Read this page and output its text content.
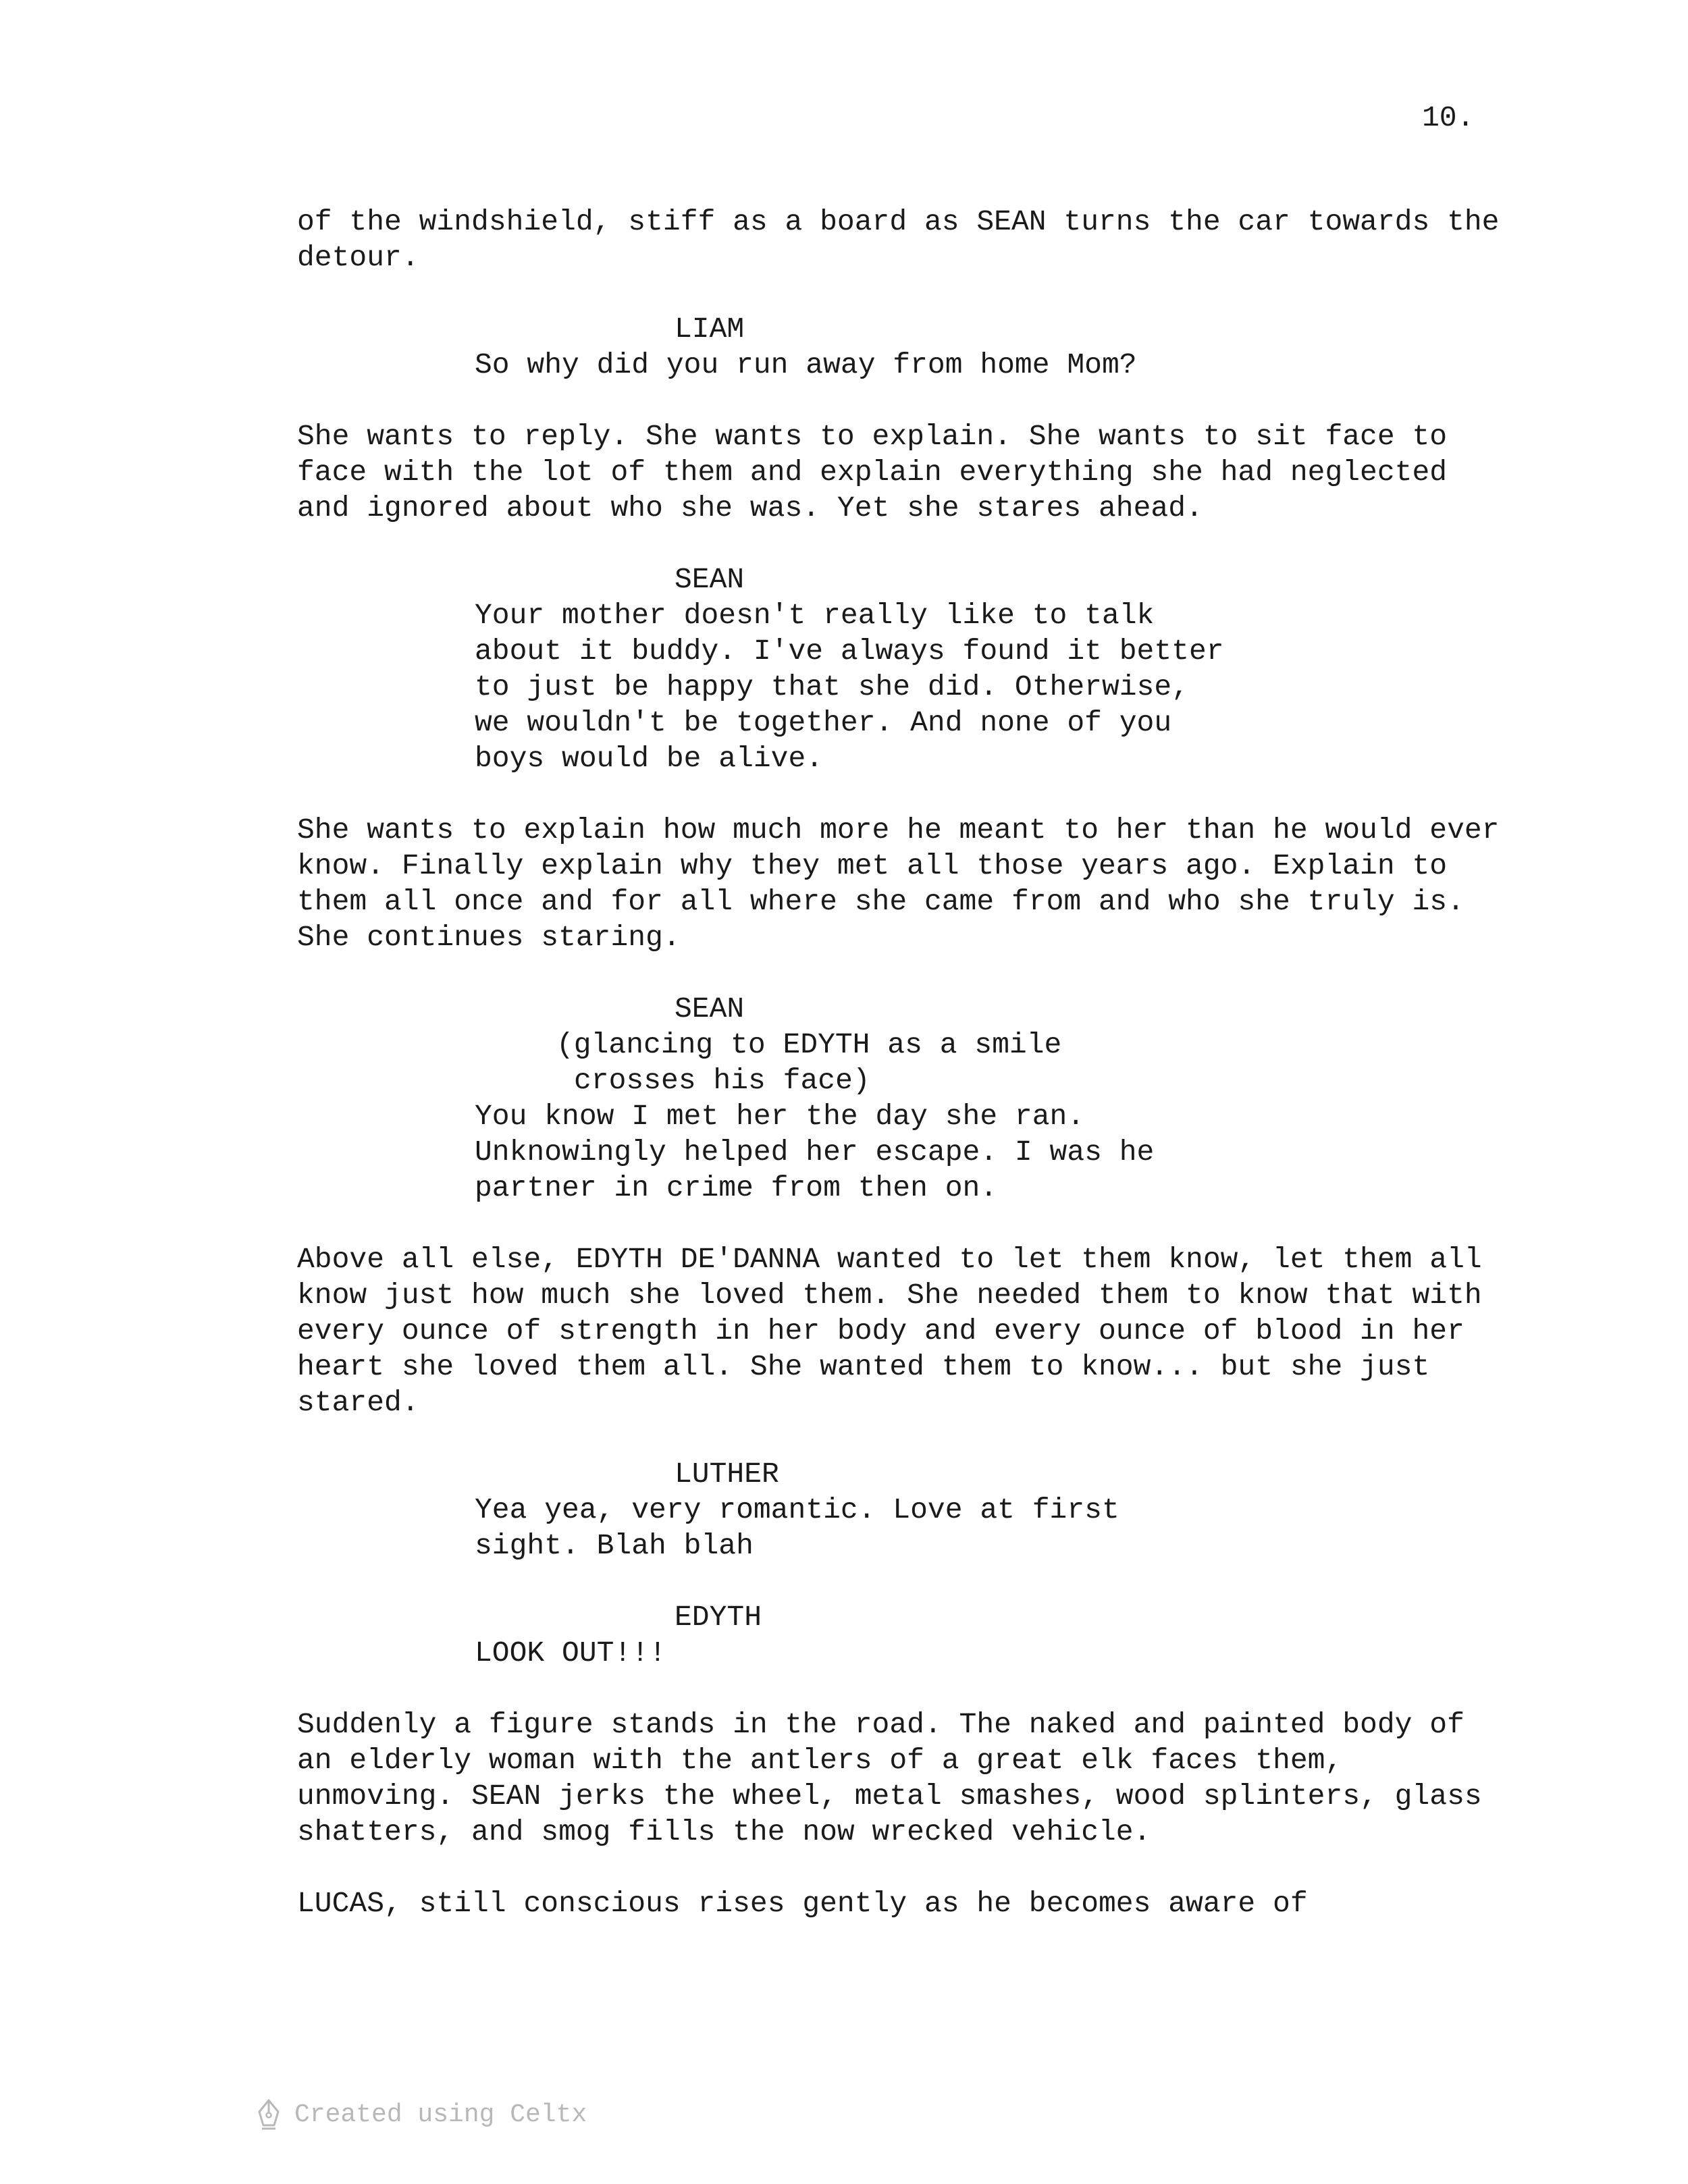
10.

of the windshield, stiff as a board as SEAN turns the car towards the detour.

LIAM

So why did you run away from home Mom?

She wants to reply. She wants to explain. She wants to sit face to face with the lot of them and explain everything she had neglected and ignored about who she was. Yet she stares ahead.

SEAN

Your mother doesn't really like to talk about it buddy. I've always found it better to just be happy that she did. Otherwise, we wouldn't be together. And none of you boys would be alive.

She wants to explain how much more he meant to her than he would ever know. Finally explain why they met all those years ago. Explain to them all once and for all where she came from and who she truly is. She continues staring.

SEAN

(glancing to EDYTH as a smile crosses his face)

You know I met her the day she ran. Unknowingly helped her escape. I was he partner in crime from then on.

Above all else, EDYTH DE'DANNA wanted to let them know, let them all know just how much she loved them. She needed them to know that with every ounce of strength in her body and every ounce of blood in her heart she loved them all. She wanted them to know... but she just stared.

LUTHER

Yea yea, very romantic. Love at first sight. Blah blah

EDYTH

LOOK OUT!!!

Suddenly a figure stands in the road. The naked and painted body of an elderly woman with the antlers of a great elk faces them, unmoving. SEAN jerks the wheel, metal smashes, wood splinters, glass shatters, and smog fills the now wrecked vehicle.

LUCAS, still conscious rises gently as he becomes aware of

Created using Celtx
